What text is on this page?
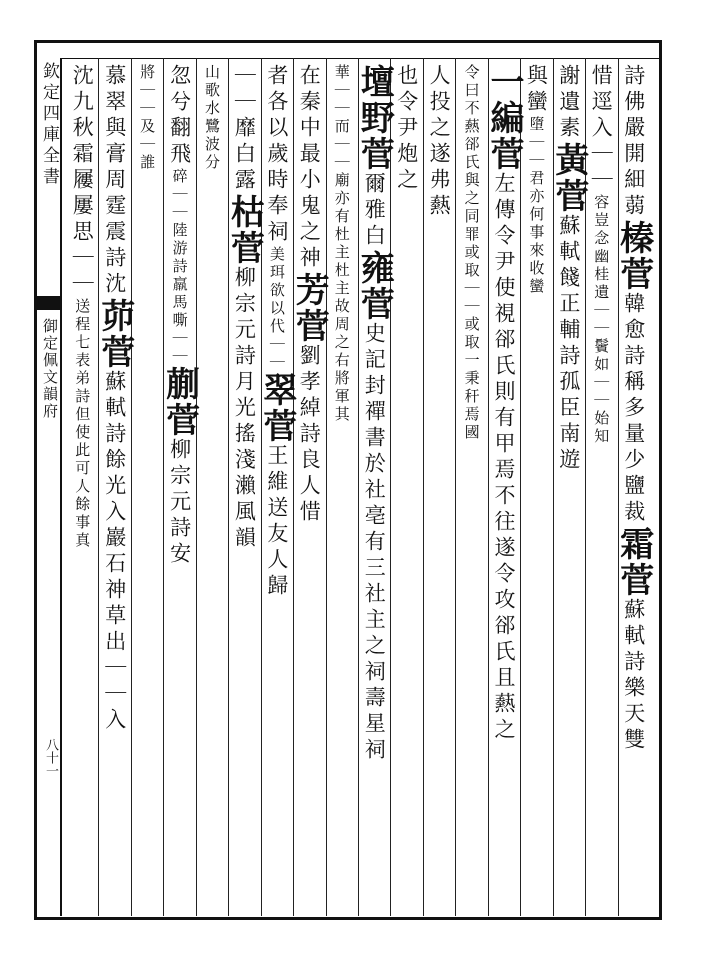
欽定四庫全書
御定佩文韻府
八十一
詩佛嚴開細蒻榛菅韓愈詩稱多量少鹽裁霜菅蘇軾詩樂天雙
惜逕入｜｜容豈念幽桂遺｜｜鬢如｜｜始知
謝遺素黃菅蘇軾餞正輔詩孤臣南遊
與蠻墮｜｜君亦何事來收蠻
一編菅左傳令尹使視郤氏則有甲焉不往遂令攻郤氏且爇之
令曰不爇郤氏與之同罪或取｜｜或取一秉秆焉國
人投之遂弗爇
也令尹炮之
壇野菅爾雅白雍菅史記封禪書於社亳有三社主之祠壽星祠
華｜｜而｜｜廟亦有杜主杜主故周之右將軍其
在秦中最小鬼之神芳菅劉孝綽詩良人惜
者各以歲時奉祠美珥欲以代｜｜翠菅王維送友人歸
｜｜靡白露枯菅柳宗元詩月光搖淺瀨風韻
山歌水鷺波分
忽兮翻飛碎｜｜陸游詩羸馬嘶｜｜蒯菅柳宗元詩安
將｜｜及｜誰
慕翠與膏周霆震詩沈茆菅蘇軾詩餘光入巖石神草出｜｜入
沈九秋霜屨屢思｜｜送程七表弟詩但使此可人餘事真
